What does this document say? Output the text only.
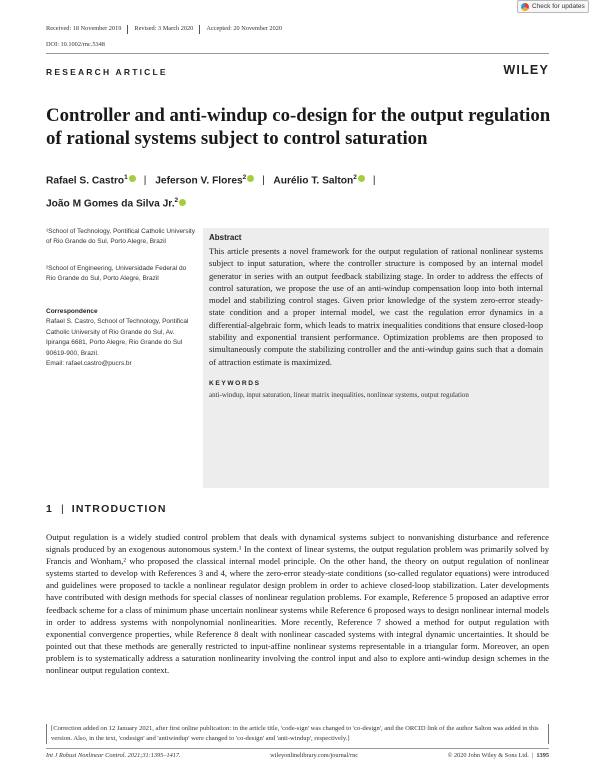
Check for updates
Received: 18 November 2019 Revised: 3 March 2020 Accepted: 20 November 2020
DOI: 10.1002/rnc.5348
RESEARCH ARTICLE	WILEY
Controller and anti-windup co-design for the output regulation of rational systems subject to control saturation
Rafael S. Castro$^1$ | Jeferson V. Flores$^2$ | Aurélio T. Salton$^2$ |
João M Gomes da Silva Jr.$^2$
¹School of Technology, Pontifical Catholic University of Rio Grande do Sul, Porto Alegre, Brazil
²School of Engineering, Universidade Federal do Rio Grande do Sul, Porto Alegre, Brazil
Correspondence
Rafael S. Castro, School of Technology, Pontifical Catholic University of Rio Grande do Sul, Av. Ipiranga 6681, Porto Alegre, Rio Grande do Sul 90619-900, Brazil.
Email: rafael.castro@pucrs.br
Abstract
This article presents a novel framework for the output regulation of rational nonlinear systems subject to input saturation, where the controller structure is composed by an internal model generator in series with an output feedback stabilizing stage. In order to address the effects of control saturation, we propose the use of an anti-windup compensation loop into both internal model and stabilizing control stages. Given prior knowledge of the system zero-error steady-state condition and a proper internal model, we cast the regulation error dynamics in a differential-algebraic form, which leads to matrix inequalities conditions that ensure closed-loop stability and exponential transient performance. Optimization problems are then proposed to simultaneously compute the stabilizing controller and the anti-windup gains such that a domain of attraction estimate is maximized.
KEYWORDS
anti-windup, input saturation, linear matrix inequalities, nonlinear systems, output regulation
1 | INTRODUCTION
Output regulation is a widely studied control problem that deals with dynamical systems subject to nonvanishing disturbance and reference signals produced by an exogenous autonomous system.¹ In the context of linear systems, the output regulation problem was primarily solved by Francis and Wonham,² who proposed the classical internal model principle. On the other hand, the theory on output regulation of nonlinear systems started to develop with References 3 and 4, where the zero-error steady-state conditions (so-called regulator equations) were introduced and guidelines were proposed to tackle a nonlinear regulator design problem in order to achieve closed-loop stabilization. Later developments have contributed with design methods for special classes of nonlinear regulation problems. For example, Reference 5 proposed an adaptive error feedback scheme for a class of minimum phase uncertain nonlinear systems while Reference 6 proposed ways to design nonlinear internal models in order to address systems with nonpolynomial nonlinearities. More recently, Reference 7 showed a method for output regulation with exponential convergence properties, while Reference 8 dealt with nonlinear cascaded systems with integral dynamic uncertainties. It should be pointed out that these methods are generally restricted to input-affine nonlinear systems representable in a triangular form. Moreover, an open problem is to systematically address a saturation nonlinearity involving the control input and also to explore anti-windup design schemes in the nonlinear output regulation context.
[Correction added on 12 January 2021, after first online publication: in the article title, 'code-sign' was changed to 'co-design', and the ORCID link of the author Salton was added in this version. Also, in the text, 'codesign' and 'antiwindup' were changed to 'co-design' and 'anti-windup', respectively.]
Int J Robust Nonlinear Control. 2021;31:1395–1417.	wileyonlinelibrary.com/journal/rnc	© 2020 John Wiley & Sons Ltd.  |  1395
